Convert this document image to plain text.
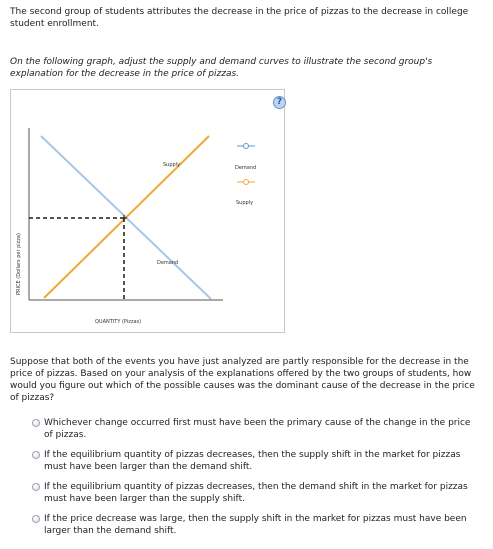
The second group of students attributes the decrease in the price of pizzas to the decrease in college student enrollment.

On the following graph, adjust the supply and demand curves to illustrate the second group's explanation for the decrease in the price of pizzas.

?
PRICE (Dollars per pizza)
Supply
Demand
Demand
Supply
QUANTITY (Pizzas)

Suppose that both of the events you have just analyzed are partly responsible for the decrease in the price of pizzas. Based on your analysis of the explanations offered by the two groups of students, how would you figure out which of the possible causes was the dominant cause of the decrease in the price of pizzas?

Whichever change occurred first must have been the primary cause of the change in the price of pizzas.
If the equilibrium quantity of pizzas decreases, then the supply shift in the market for pizzas must have been larger than the demand shift.
If the equilibrium quantity of pizzas decreases, then the demand shift in the market for pizzas must have been larger than the supply shift.
If the price decrease was large, then the supply shift in the market for pizzas must have been larger than the demand shift.
